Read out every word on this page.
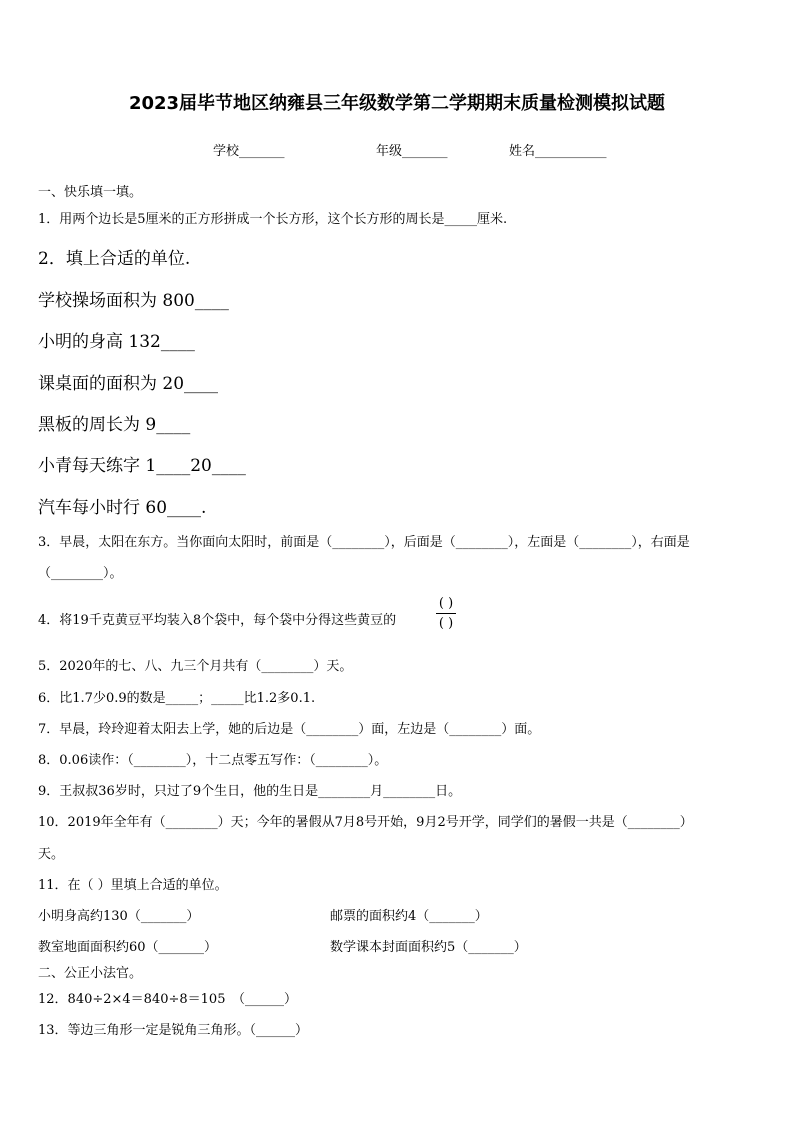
2023届毕节地区纳雍县三年级数学第二学期期末质量检测模拟试题
学校_______	年级_______	姓名___________
一、快乐填一填。
1．用两个边长是5厘米的正方形拼成一个长方形，这个长方形的周长是_____厘米.
2．填上合适的单位.
学校操场面积为 800____
小明的身高 132____
课桌面的面积为 20____
黑板的周长为 9____
小青每天练字 1____20____
汽车每小时行 60____.
3．早晨，太阳在东方。当你面向太阳时，前面是（________），后面是（________），左面是（________），右面是
（________）。
4．将19千克黄豆平均装入8个袋中，每个袋中分得这些黄豆的
( )
( )
5．2020年的七、八、九三个月共有（________）天。
6．比1.7少0.9的数是_____；_____比1.2多0.1.
7．早晨，玲玲迎着太阳去上学，她的后边是（________）面，左边是（________）面。
8．0.06读作：（________），十二点零五写作：（________）。
9．王叔叔36岁时，只过了9个生日，他的生日是________月________日。
10．2019年全年有（________）天；今年的暑假从7月8号开始，9月2号开学，同学们的暑假一共是（________）
天。
11．在（ ）里填上合适的单位。
小明身高约130（_______）	邮票的面积约4（_______）
教室地面面积约60（_______）	数学课本封面面积约5（_______）
二、公正小法官。
12．840÷2×4＝840÷8＝105　（______）
13．等边三角形一定是锐角三角形。（______）
